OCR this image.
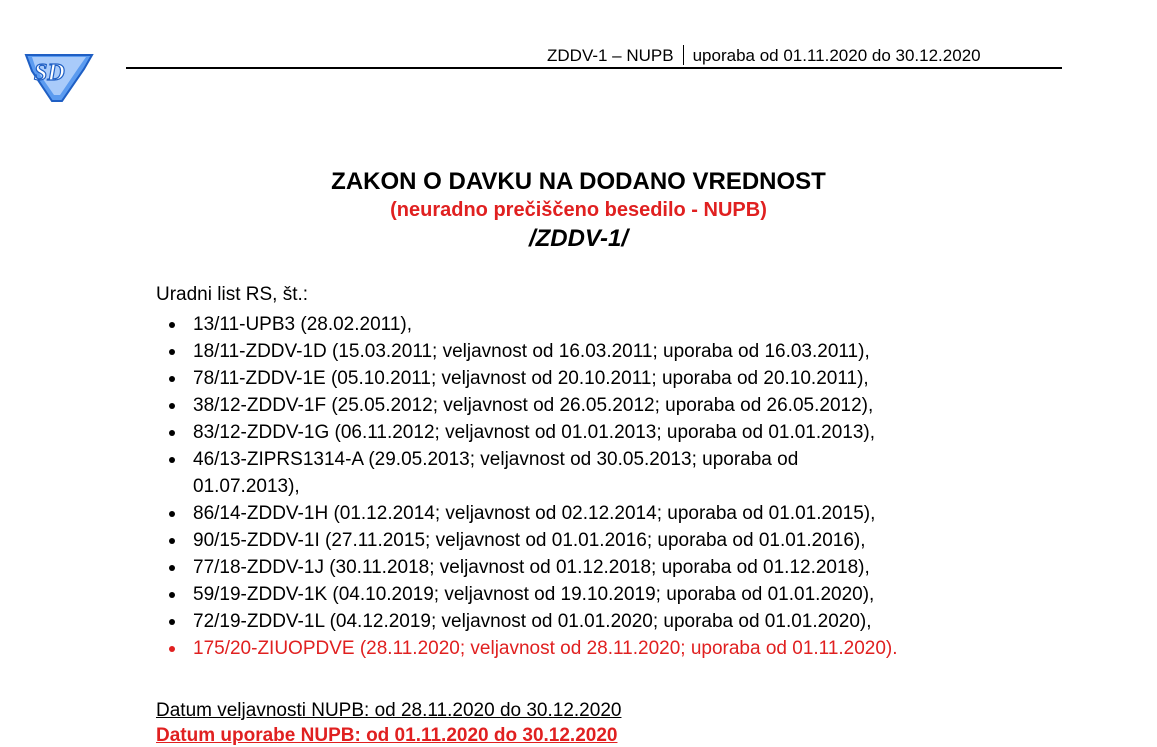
SD
ZDDV-1 – NUPB uporaba od 01.11.2020 do 30.12.2020
ZAKON O DAVKU NA DODANO VREDNOST
(neuradno prečiščeno besedilo - NUPB)
/ZDDV-1/
Uradni list RS, št.:
13/11-UPB3 (28.02.2011),
18/11-ZDDV-1D (15.03.2011; veljavnost od 16.03.2011; uporaba od 16.03.2011),
78/11-ZDDV-1E (05.10.2011; veljavnost od 20.10.2011; uporaba od 20.10.2011),
38/12-ZDDV-1F (25.05.2012; veljavnost od 26.05.2012; uporaba od 26.05.2012),
83/12-ZDDV-1G (06.11.2012; veljavnost od 01.01.2013; uporaba od 01.01.2013),
46/13-ZIPRS1314-A (29.05.2013; veljavnost od 30.05.2013; uporaba od 01.07.2013),
86/14-ZDDV-1H (01.12.2014; veljavnost od 02.12.2014; uporaba od 01.01.2015),
90/15-ZDDV-1I (27.11.2015; veljavnost od 01.01.2016; uporaba od 01.01.2016),
77/18-ZDDV-1J (30.11.2018; veljavnost od 01.12.2018; uporaba od 01.12.2018),
59/19-ZDDV-1K (04.10.2019; veljavnost od 19.10.2019; uporaba od 01.01.2020),
72/19-ZDDV-1L (04.12.2019; veljavnost od 01.01.2020; uporaba od 01.01.2020),
175/20-ZIUOPDVE (28.11.2020; veljavnost od 28.11.2020; uporaba od 01.11.2020).
Datum veljavnosti NUPB: od 28.11.2020 do 30.12.2020
Datum uporabe NUPB: od 01.11.2020 do 30.12.2020
